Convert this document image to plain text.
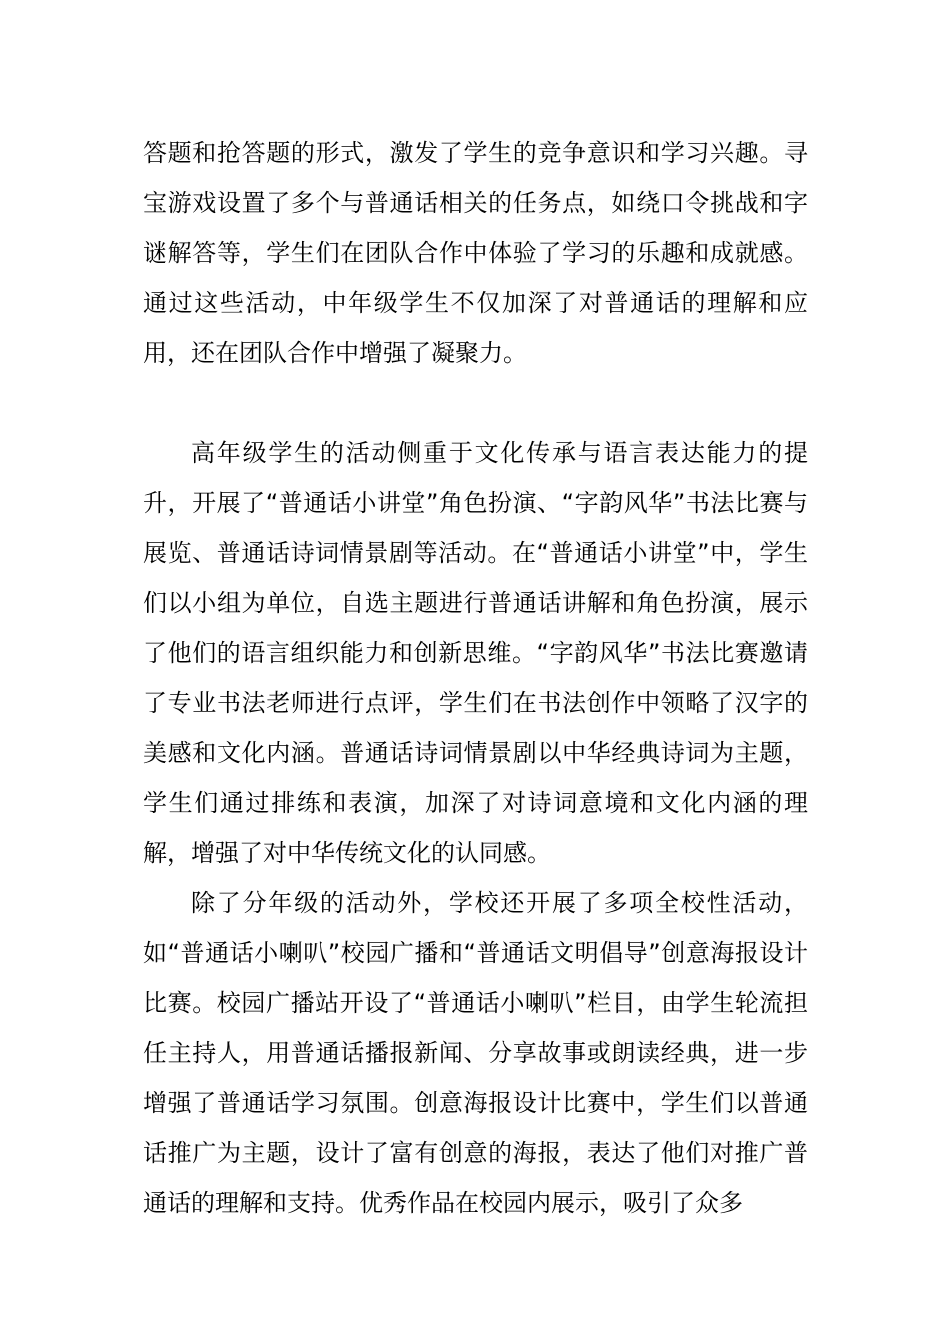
答题和抢答题的形式，激发了学生的竞争意识和学习兴趣。寻宝游戏设置了多个与普通话相关的任务点，如绕口令挑战和字谜解答等，学生们在团队合作中体验了学习的乐趣和成就感。通过这些活动，中年级学生不仅加深了对普通话的理解和应用，还在团队合作中增强了凝聚力。

高年级学生的活动侧重于文化传承与语言表达能力的提升，开展了“普通话小讲堂”角色扮演、“字韵风华”书法比赛与展览、普通话诗词情景剧等活动。在“普通话小讲堂”中，学生们以小组为单位，自选主题进行普通话讲解和角色扮演，展示了他们的语言组织能力和创新思维。“字韵风华”书法比赛邀请了专业书法老师进行点评，学生们在书法创作中领略了汉字的美感和文化内涵。普通话诗词情景剧以中华经典诗词为主题，学生们通过排练和表演，加深了对诗词意境和文化内涵的理解，增强了对中华传统文化的认同感。

除了分年级的活动外，学校还开展了多项全校性活动，如“普通话小喇叭”校园广播和“普通话文明倡导”创意海报设计比赛。校园广播站开设了“普通话小喇叭”栏目，由学生轮流担任主持人，用普通话播报新闻、分享故事或朗读经典，进一步增强了普通话学习氛围。创意海报设计比赛中，学生们以普通话推广为主题，设计了富有创意的海报，表达了他们对推广普通话的理解和支持。优秀作品在校园内展示，吸引了众多
